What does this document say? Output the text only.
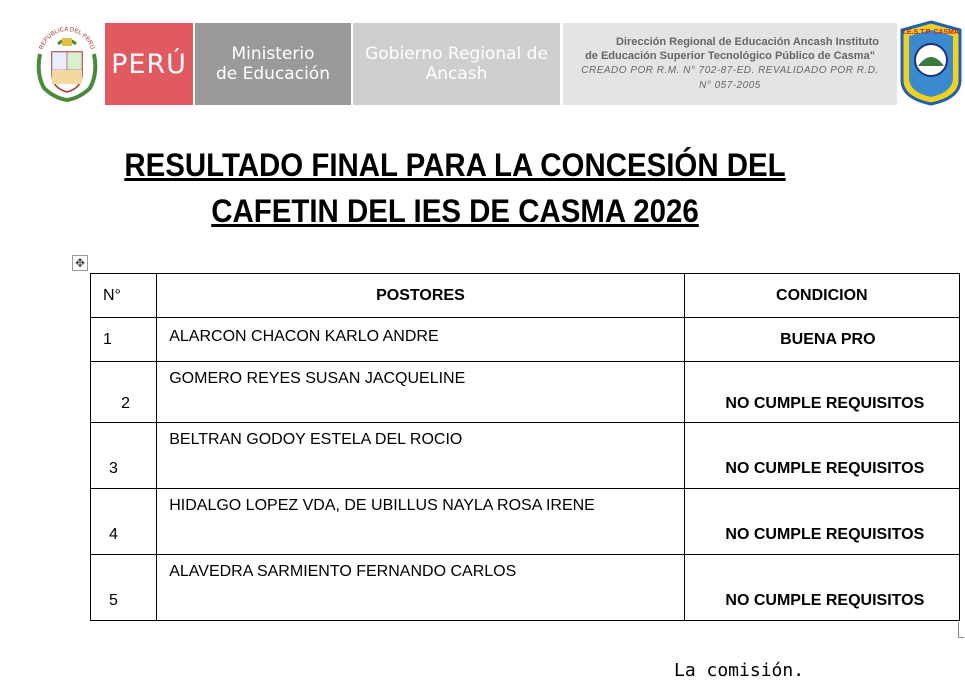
REPÚBLICA DEL PERÚ
PERÚ	Ministerio
de Educación
Gobierno Regional de
Ancash
Dirección Regional de Educación Ancash Instituto
de Educación Superior Tecnológico Público de Casma"
CREADO POR R.M. N° 702-87-ED. REVALIDADO POR R.D.
N° 057-2005
I.E.S.T.P. CASMA
RESULTADO FINAL PARA LA CONCESIÓN DEL
CAFETIN DEL IES DE CASMA 2026
✥
N°	POSTORES	CONDICION
1	ALARCON CHACON KARLO ANDRE	BUENA PRO
2	GOMERO REYES SUSAN JACQUELINE	NO CUMPLE REQUISITOS
3	BELTRAN GODOY ESTELA DEL ROCIO	NO CUMPLE REQUISITOS
4	HIDALGO LOPEZ VDA, DE UBILLUS NAYLA ROSA IRENE	NO CUMPLE REQUISITOS
5	ALAVEDRA SARMIENTO FERNANDO CARLOS	NO CUMPLE REQUISITOS
La comisión.
